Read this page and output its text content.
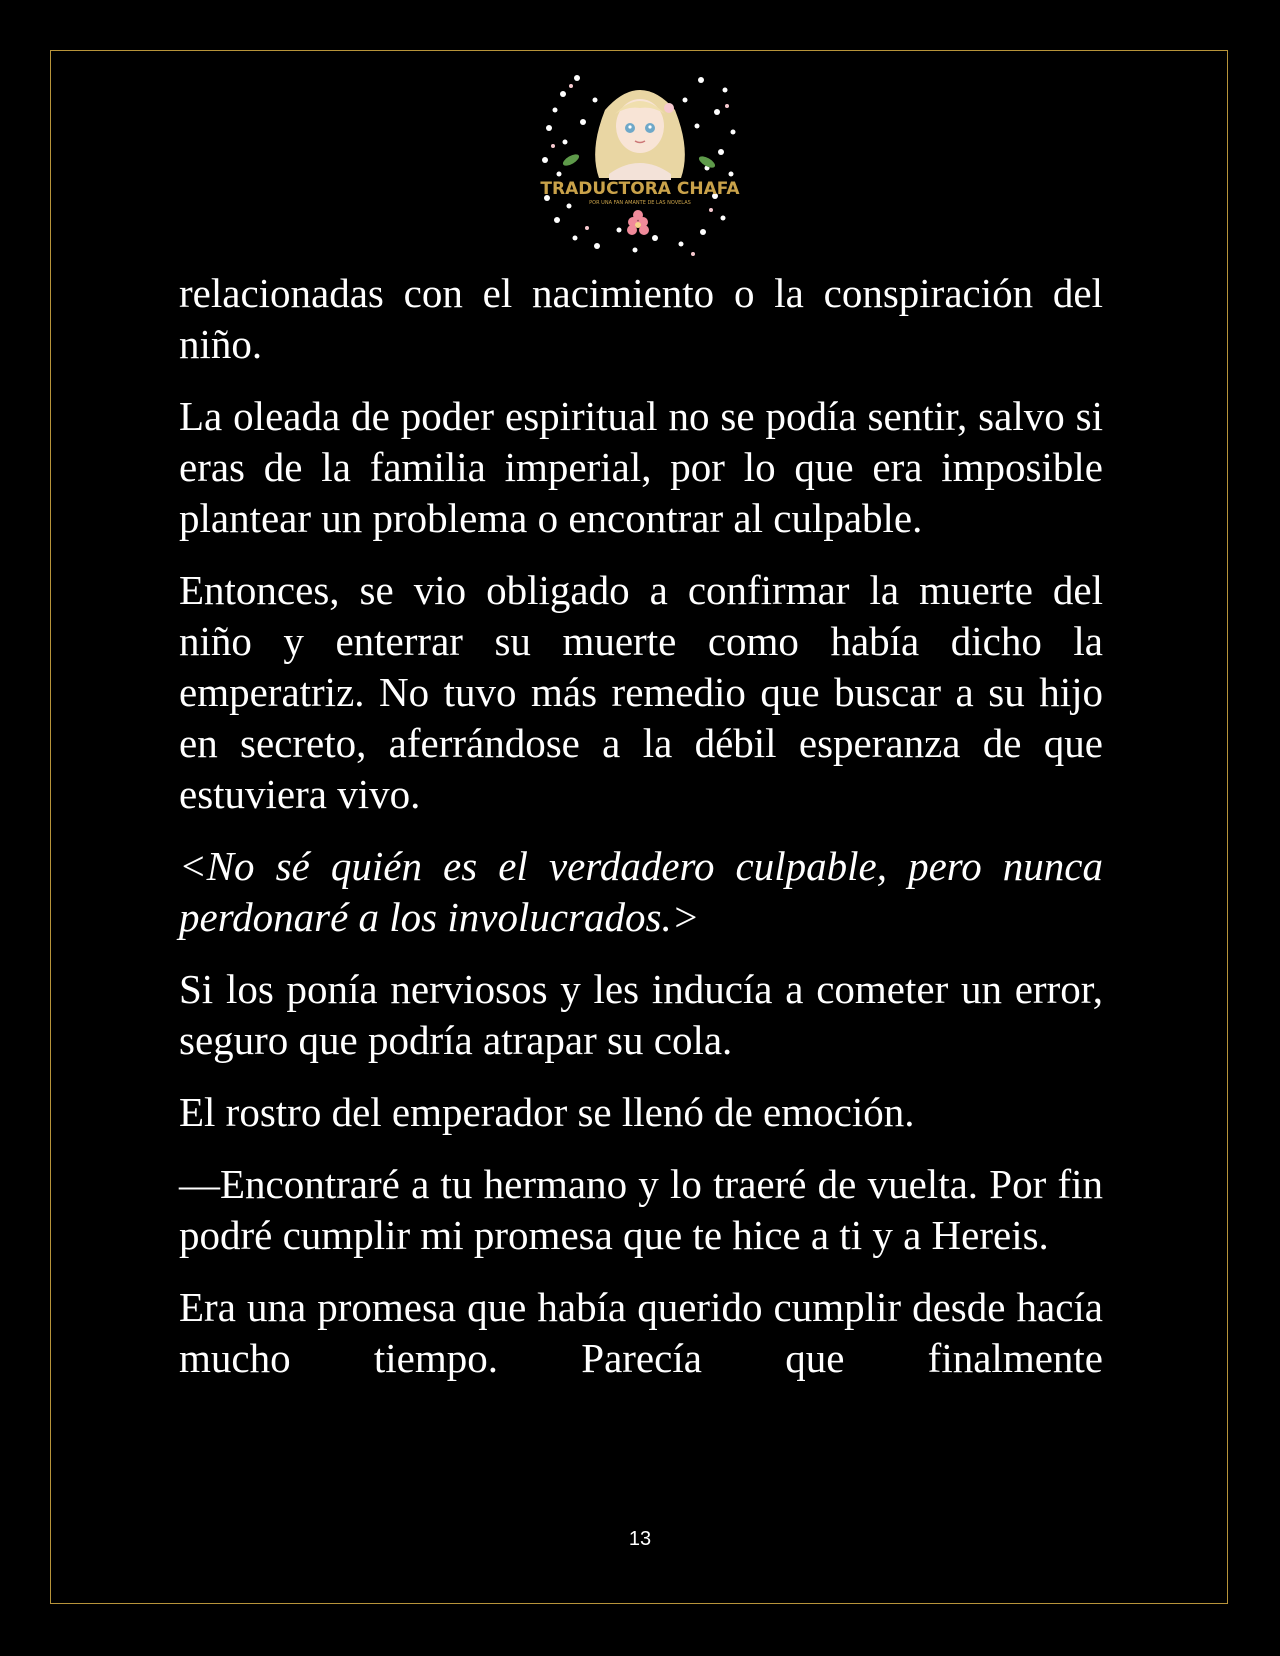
TRADUCTORA CHAFA
POR UNA FAN AMANTE DE LAS NOVELAS

relacionadas con el nacimiento o la conspiración del niño.

La oleada de poder espiritual no se podía sentir, salvo si eras de la familia imperial, por lo que era imposible plantear un problema o encontrar al culpable.

Entonces, se vio obligado a confirmar la muerte del niño y enterrar su muerte como había dicho la emperatriz. No tuvo más remedio que buscar a su hijo en secreto, aferrándose a la débil esperanza de que estuviera vivo.

<No sé quién es el verdadero culpable, pero nunca perdonaré a los involucrados.>

Si los ponía nerviosos y les inducía a cometer un error, seguro que podría atrapar su cola.

El rostro del emperador se llenó de emoción.

—Encontraré a tu hermano y lo traeré de vuelta. Por fin podré cumplir mi promesa que te hice a ti y a Hereis.

Era una promesa que había querido cumplir desde hacía mucho tiempo. Parecía que finalmente

13
